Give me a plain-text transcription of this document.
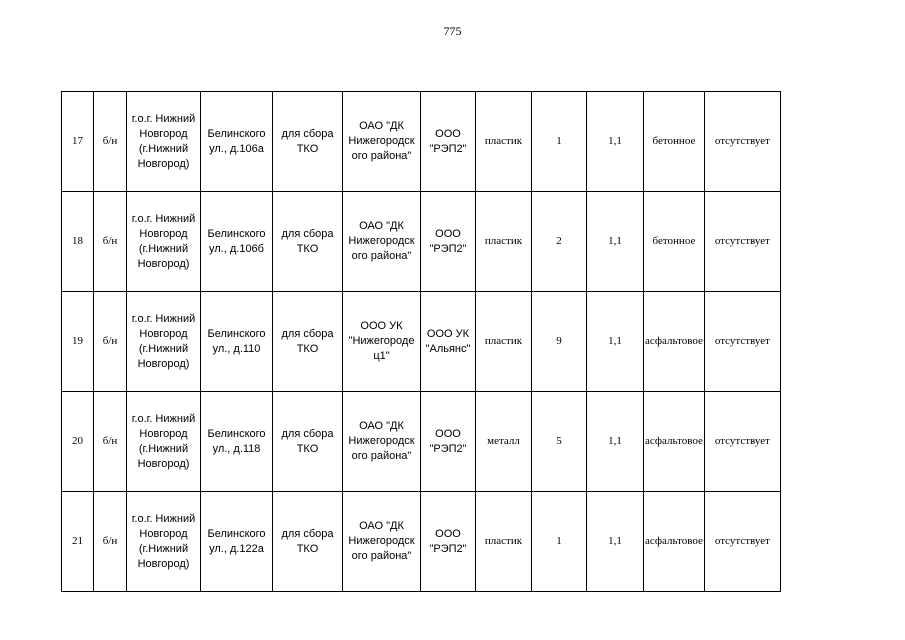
775
17	б/н	г.о.г. Нижний
Новгород
(г.Нижний
Новгород)	Белинского
ул., д.106а	для сбора
ТКО	ОАО "ДК
Нижегородск
ого района"	ООО
"РЭП2"	пластик	1	1,1	бетонное	отсутствует
18	б/н	г.о.г. Нижний
Новгород
(г.Нижний
Новгород)	Белинского
ул., д.106б	для сбора
ТКО	ОАО "ДК
Нижегородск
ого района"	ООО
"РЭП2"	пластик	2	1,1	бетонное	отсутствует
19	б/н	г.о.г. Нижний
Новгород
(г.Нижний
Новгород)	Белинского
ул., д.110	для сбора
ТКО	ООО УК
"Нижегороде
ц1"	ООО УК
"Альянс"	пластик	9	1,1	асфальтовое	отсутствует
20	б/н	г.о.г. Нижний
Новгород
(г.Нижний
Новгород)	Белинского
ул., д.118	для сбора
ТКО	ОАО "ДК
Нижегородск
ого района"	ООО
"РЭП2"	металл	5	1,1	асфальтовое	отсутствует
21	б/н	г.о.г. Нижний
Новгород
(г.Нижний
Новгород)	Белинского
ул., д.122а	для сбора
ТКО	ОАО "ДК
Нижегородск
ого района"	ООО
"РЭП2"	пластик	1	1,1	асфальтовое	отсутствует
